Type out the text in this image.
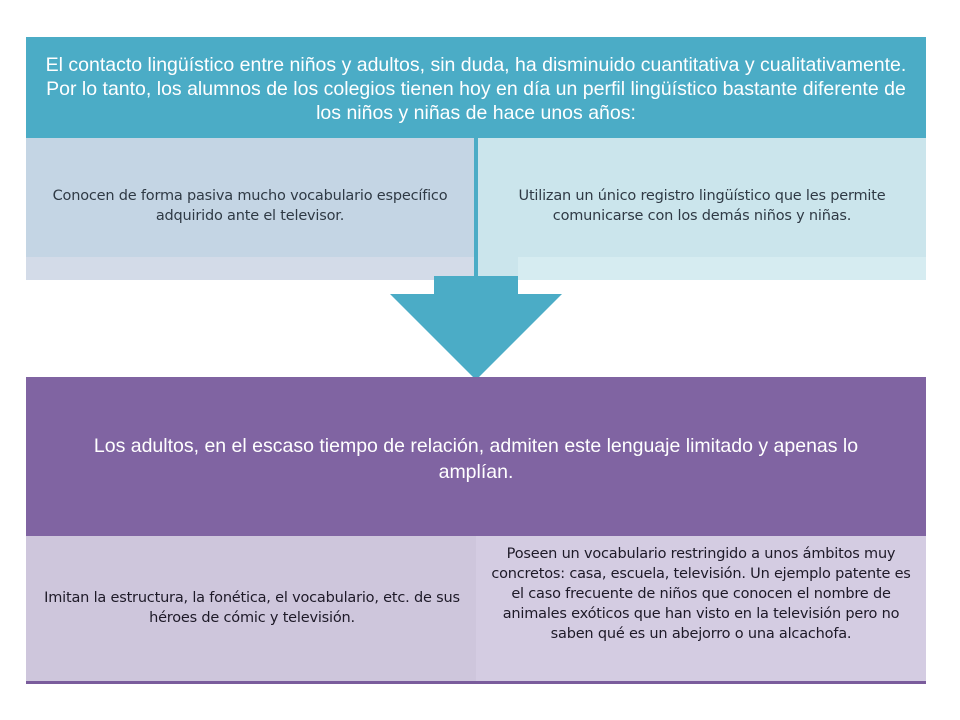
El contacto lingüístico entre niños y adultos, sin duda, ha disminuido cuantitativa y cualitativamente. Por lo tanto, los alumnos de los colegios tienen hoy en día un perfil lingüístico bastante diferente de los niños y niñas de hace unos años:
Conocen de forma pasiva mucho vocabulario específico adquirido ante el televisor.
Utilizan un único registro lingüístico que les permite comunicarse con los demás niños y niñas.
Los adultos, en el escaso tiempo de relación, admiten este lenguaje limitado y apenas lo amplían.
Imitan la estructura, la fonética, el vocabulario, etc. de sus héroes de cómic y televisión.
Poseen un vocabulario restringido a unos ámbitos muy concretos: casa, escuela, televisión. Un ejemplo patente es el caso frecuente de niños que conocen el nombre de animales exóticos que han visto en la televisión pero no saben qué es un abejorro o una alcachofa.
